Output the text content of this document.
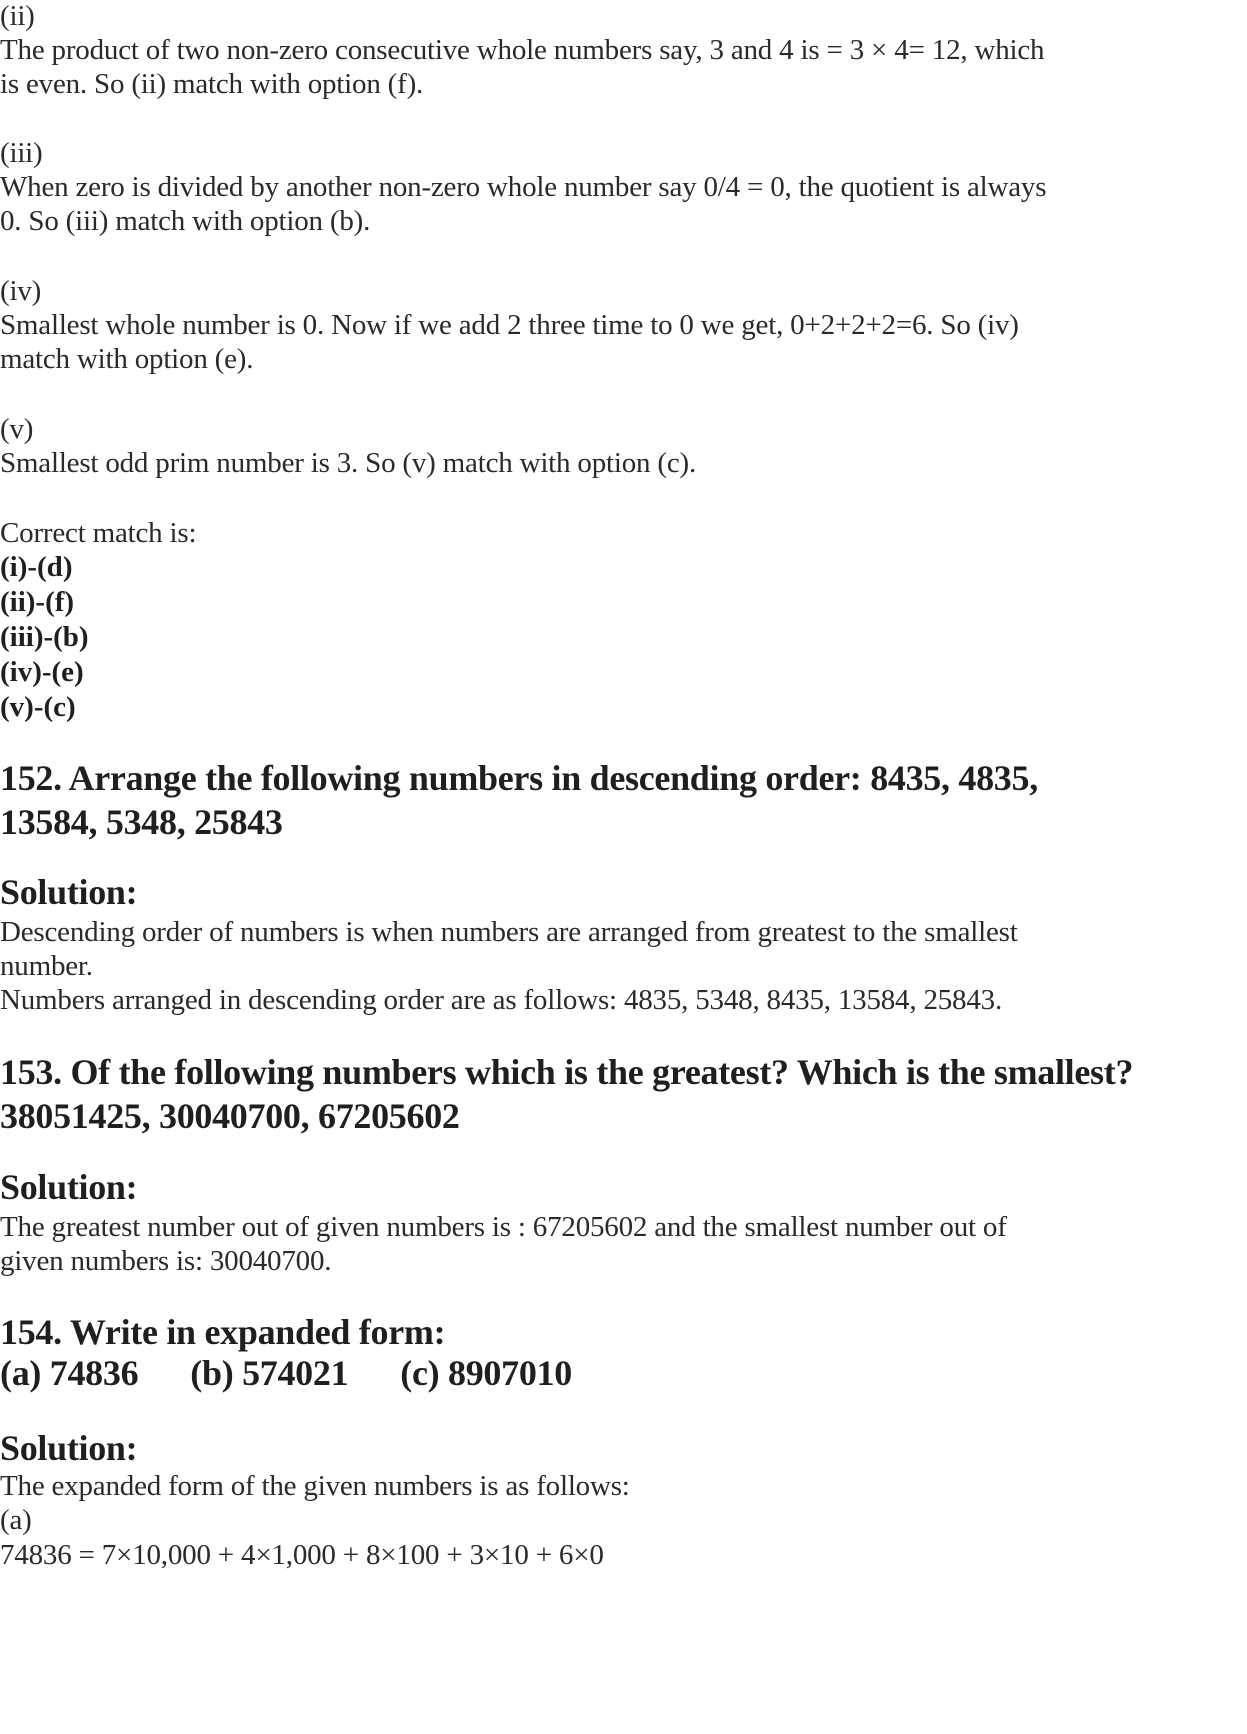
(ii)
The product of two non-zero consecutive whole numbers say, 3 and 4 is = 3 × 4= 12, which
is even. So (ii) match with option (f).
(iii)
When zero is divided by another non-zero whole number say 0/4 = 0, the quotient is always
0. So (iii) match with option (b).
(iv)
Smallest whole number is 0. Now if we add 2 three time to 0 we get, 0+2+2+2=6. So (iv)
match with option (e).
(v)
Smallest odd prim number is 3. So (v) match with option (c).
Correct match is:
(i)-(d)
(ii)-(f)
(iii)-(b)
(iv)-(e)
(v)-(c)
152. Arrange the following numbers in descending order: 8435, 4835,
13584, 5348, 25843
Solution:
Descending order of numbers is when numbers are arranged from greatest to the smallest
number.
Numbers arranged in descending order are as follows: 4835, 5348, 8435, 13584, 25843.
153. Of the following numbers which is the greatest? Which is the smallest?
38051425, 30040700, 67205602
Solution:
The greatest number out of given numbers is : 67205602 and the smallest number out of
given numbers is: 30040700.
154. Write in expanded form:
(a) 74836 (b) 574021 (c) 8907010
Solution:
The expanded form of the given numbers is as follows:
(a)
74836 = 7×10,000 + 4×1,000 + 8×100 + 3×10 + 6×0
